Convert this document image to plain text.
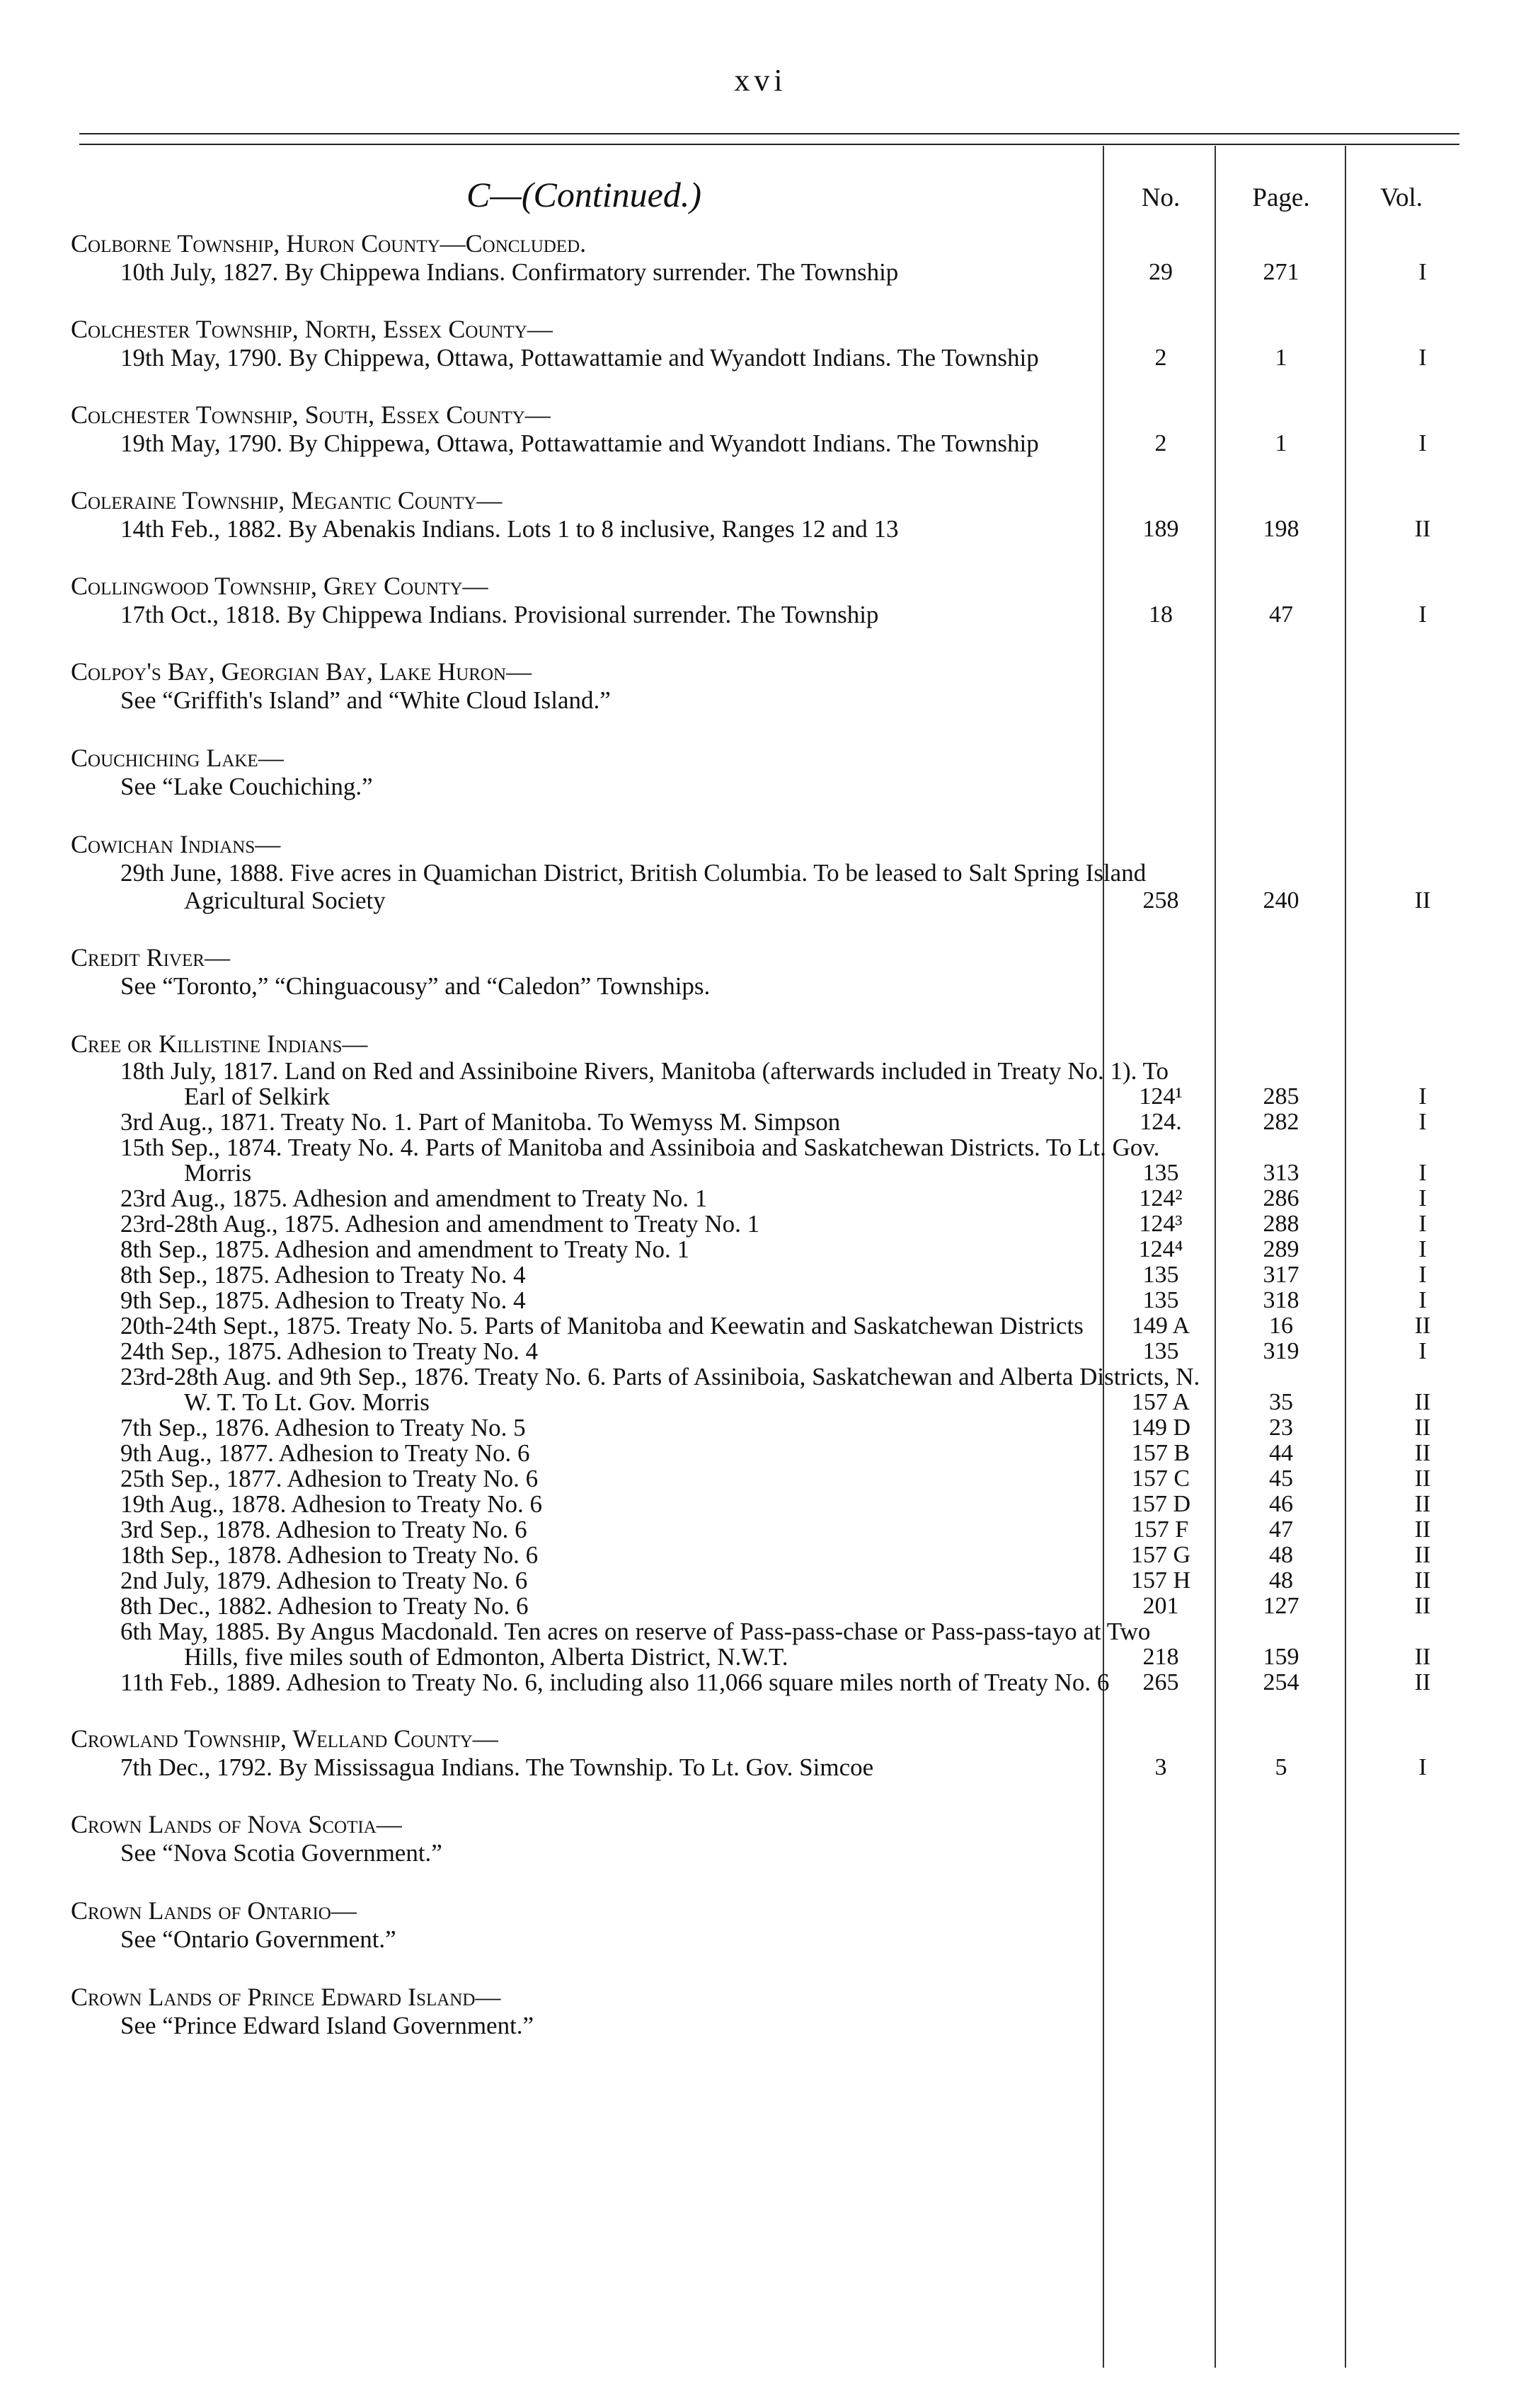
xvi
No.	Page.	Vol.
C—(Continued.)
Colborne Township, Huron County—Concluded.
10th July, 1827. By Chippewa Indians. Confirmatory surrender. The Township	29	271	I
Colchester Township, North, Essex County—
19th May, 1790. By Chippewa, Ottawa, Pottawattamie and Wyandott Indians. The Township	2	1	I
Colchester Township, South, Essex County—
19th May, 1790. By Chippewa, Ottawa, Pottawattamie and Wyandott Indians. The Township	2	1	I
Coleraine Township, Megantic County—
14th Feb., 1882. By Abenakis Indians. Lots 1 to 8 inclusive, Ranges 12 and 13	189	198	II
Collingwood Township, Grey County—
17th Oct., 1818. By Chippewa Indians. Provisional surrender. The Township	18	47	I
Colpoy's Bay, Georgian Bay, Lake Huron—
See “Griffith's Island” and “White Cloud Island.”
Couchiching Lake—
See “Lake Couchiching.”
Cowichan Indians—
29th June, 1888. Five acres in Quamichan District, British Columbia. To be leased to Salt Spring Island Agricultural Society	258	240	II
Credit River—
See “Toronto,” “Chinguacousy” and “Caledon” Townships.
Cree or Killistine Indians—
18th July, 1817. Land on Red and Assiniboine Rivers, Manitoba (afterwards included in Treaty No. 1). To Earl of Selkirk	124¹	285	I
3rd Aug., 1871. Treaty No. 1. Part of Manitoba. To Wemyss M. Simpson	124.	282	I
15th Sep., 1874. Treaty No. 4. Parts of Manitoba and Assiniboia and Saskatchewan Districts. To Lt. Gov. Morris	135	313	I
23rd Aug., 1875. Adhesion and amendment to Treaty No. 1	124²	286	I
23rd-28th Aug., 1875. Adhesion and amendment to Treaty No. 1	124³	288	I
8th Sep., 1875. Adhesion and amendment to Treaty No. 1	124⁴	289	I
8th Sep., 1875. Adhesion to Treaty No. 4	135	317	I
9th Sep., 1875. Adhesion to Treaty No. 4	135	318	I
20th-24th Sept., 1875. Treaty No. 5. Parts of Manitoba and Keewatin and Saskatchewan Districts	149 A	16	II
24th Sep., 1875. Adhesion to Treaty No. 4	135	319	I
23rd-28th Aug. and 9th Sep., 1876. Treaty No. 6. Parts of Assiniboia, Saskatchewan and Alberta Districts, N. W. T. To Lt. Gov. Morris	157 A	35	II
7th Sep., 1876. Adhesion to Treaty No. 5	149 D	23	II
9th Aug., 1877. Adhesion to Treaty No. 6	157 B	44	II
25th Sep., 1877. Adhesion to Treaty No. 6	157 C	45	II
19th Aug., 1878. Adhesion to Treaty No. 6	157 D	46	II
3rd Sep., 1878. Adhesion to Treaty No. 6	157 F	47	II
18th Sep., 1878. Adhesion to Treaty No. 6	157 G	48	II
2nd July, 1879. Adhesion to Treaty No. 6	157 H	48	II
8th Dec., 1882. Adhesion to Treaty No. 6	201	127	II
6th May, 1885. By Angus Macdonald. Ten acres on reserve of Pass-pass-chase or Pass-pass-tayo at Two Hills, five miles south of Edmonton, Alberta District, N.W.T.	218	159	II
11th Feb., 1889. Adhesion to Treaty No. 6, including also 11,066 square miles north of Treaty No. 6	265	254	II
Crowland Township, Welland County—
7th Dec., 1792. By Mississagua Indians. The Township. To Lt. Gov. Simcoe	3	5	I
Crown Lands of Nova Scotia—
See “Nova Scotia Government.”
Crown Lands of Ontario—
See “Ontario Government.”
Crown Lands of Prince Edward Island—
See “Prince Edward Island Government.”
